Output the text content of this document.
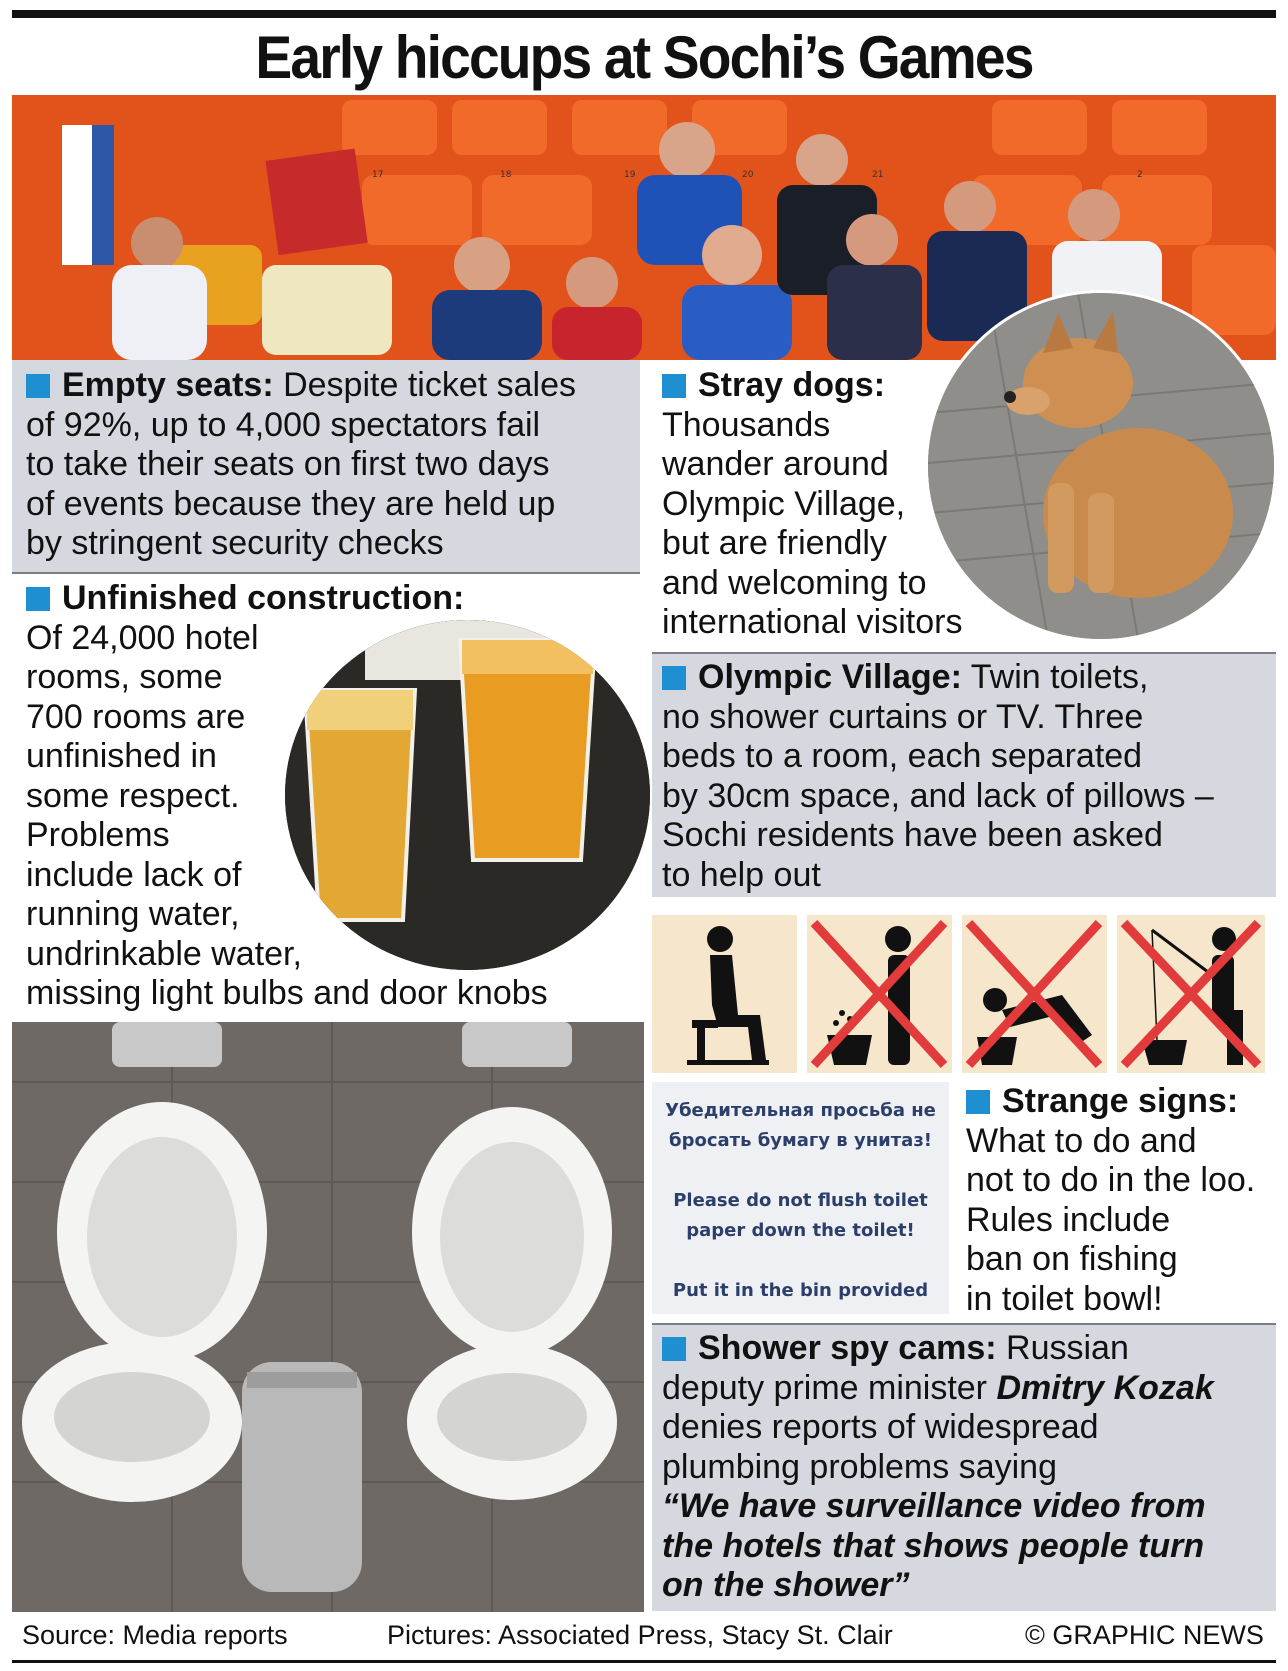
Early hiccups at Sochi’s Games
17	18	19	20	21	2
Empty seats: Despite ticket sales
of 92%, up to 4,000 spectators fail
to take their seats on first two days
of events because they are held up
by stringent security checks
Stray dogs:
Thousands
wander around
Olympic Village,
but are friendly
and welcoming to
international visitors
Unfinished construction:
Of 24,000 hotel
rooms, some
700 rooms are
unfinished in
some respect.
Problems
include lack of
running water,
undrinkable water,
missing light bulbs and door knobs
Olympic Village: Twin toilets,
no shower curtains or TV. Three
beds to a room, each separated
by 30cm space, and lack of pillows –
Sochi residents have been asked
to help out
Убедительная просьба не
бросать бумагу в унитаз!
Please do not flush toilet
paper down the toilet!
Put it in the bin provided
Strange signs:
What to do and
not to do in the loo.
Rules include
ban on fishing
in toilet bowl!
Shower spy cams: Russian
deputy prime minister Dmitry Kozak
denies reports of widespread
plumbing problems saying
“We have surveillance video from
the hotels that shows people turn
on the shower”
Source: Media reports	Pictures: Associated Press, Stacy St. Clair	© GRAPHIC NEWS
